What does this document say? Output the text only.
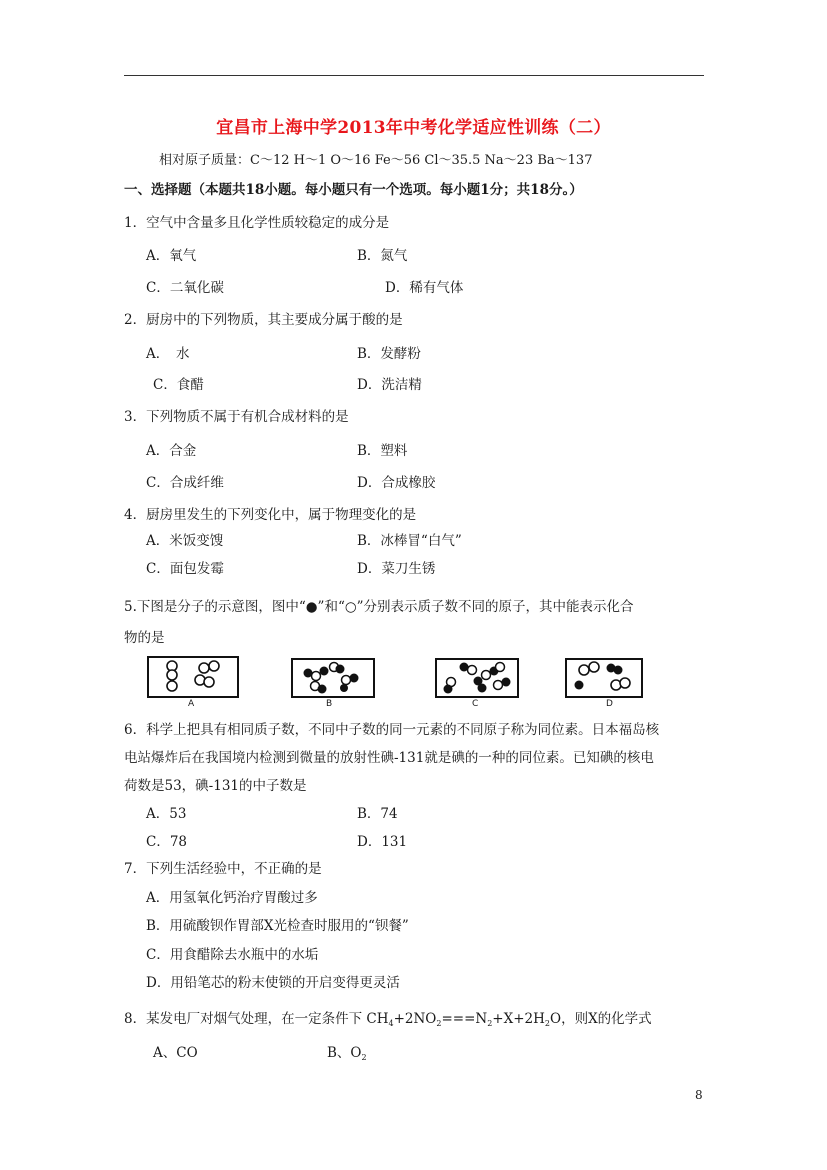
宜昌市上海中学2013年中考化学适应性训练（二）
相对原子质量：C～12 H～1 O～16 Fe～56 Cl～35.5 Na～23 Ba～137
一、选择题（本题共18小题。每小题只有一个选项。每小题1分；共18分。）
1．空气中含量多且化学性质较稳定的成分是
A．氧气	B．氮气
C．二氧化碳	D．稀有气体
2．厨房中的下列物质，其主要成分属于酸的是
A．　水	B．发酵粉
C．食醋	D．洗洁精
3．下列物质不属于有机合成材料的是
A．合金	B．塑料
C．合成纤维	D．合成橡胶
4．厨房里发生的下列变化中，属于物理变化的是
A．米饭变馊	B．冰棒冒“白气”
C．面包发霉	D．菜刀生锈
5.下图是分子的示意图，图中“●”和“○”分别表示质子数不同的原子，其中能表示化合
物的是
A	B	C	D
6．科学上把具有相同质子数，不同中子数的同一元素的不同原子称为同位素。日本福岛核
电站爆炸后在我国境内检测到微量的放射性碘-131就是碘的一种的同位素。已知碘的核电
荷数是53，碘-131的中子数是
A．53	B．74
C．78	D．131
7．下列生活经验中，不正确的是
A．用氢氧化钙治疗胃酸过多
B．用硫酸钡作胃部X光检查时服用的“钡餐”
C．用食醋除去水瓶中的水垢
D．用铅笔芯的粉末使锁的开启变得更灵活
8．某发电厂对烟气处理，在一定条件下 $CH_4+2NO_2===N_2+X+2H_2O$，则X的化学式
A、CO	B、$O_2$
8
